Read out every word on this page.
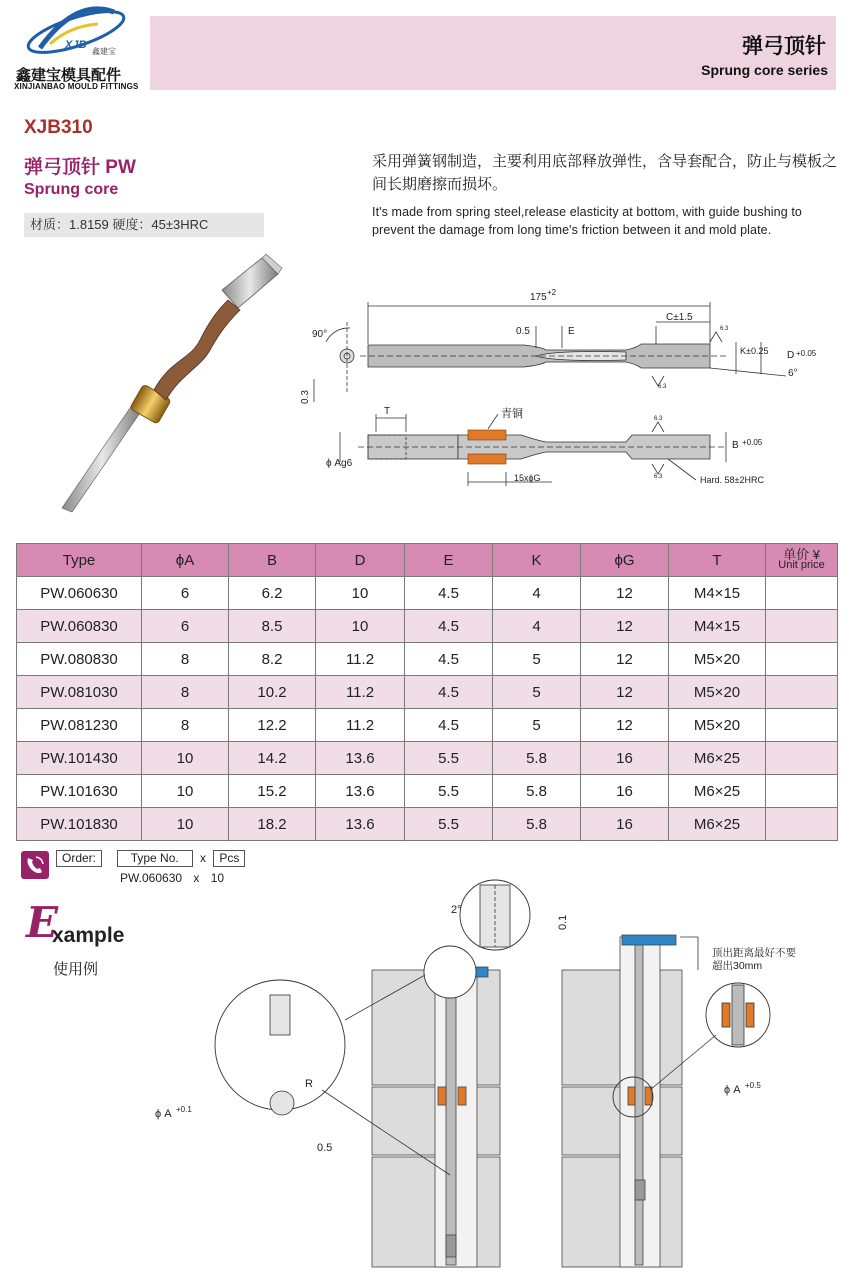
XJB
鑫建宝
鑫建宝模具配件
XINJIANBAO MOULD FITTINGS
弹弓顶针
Sprung core series
XJB310
弹弓顶针 PW
Sprung core
材质：1.8159 硬度：45±3HRC
采用弹簧钢制造，主要利用底部释放弹性，含导套配合，防止与模板之间长期磨擦而损坏。
It's made from spring steel,release elasticity at bottom, with guide bushing to prevent the damage from long time's friction between it and mold plate.
175 +2
90°
0.3
0.5	E
C±1.5
K±0.25 D +0.05
6°
6.3
6.3
T	青铜
ϕ Ag6
B +0.05
15xϕG	Hard. 58±2HRC
6.3
6.3
Type	ϕA	B	D	E	K	ϕG	T	单价 ¥
Unit price

PW.060630	6	6.2	10	4.5	4	12	M4×15	
PW.060830	6	8.5	10	4.5	4	12	M4×15	
PW.080830	8	8.2	11.2	4.5	5	12	M5×20	
PW.081030	8	10.2	11.2	4.5	5	12	M5×20	
PW.081230	8	12.2	11.2	4.5	5	12	M5×20	
PW.101430	10	14.2	13.6	5.5	5.8	16	M6×25	
PW.101630	10	15.2	13.6	5.5	5.8	16	M6×25	
PW.101830	10	18.2	13.6	5.5	5.8	16	M6×25	
Order:	Type No. x Pcs
PW.060630 x 10
E
xample
使用例
2°
0.1
R
ϕ A +0.1
0.5
顶出距离最好不要
超出30mm
ϕ A +0.5
